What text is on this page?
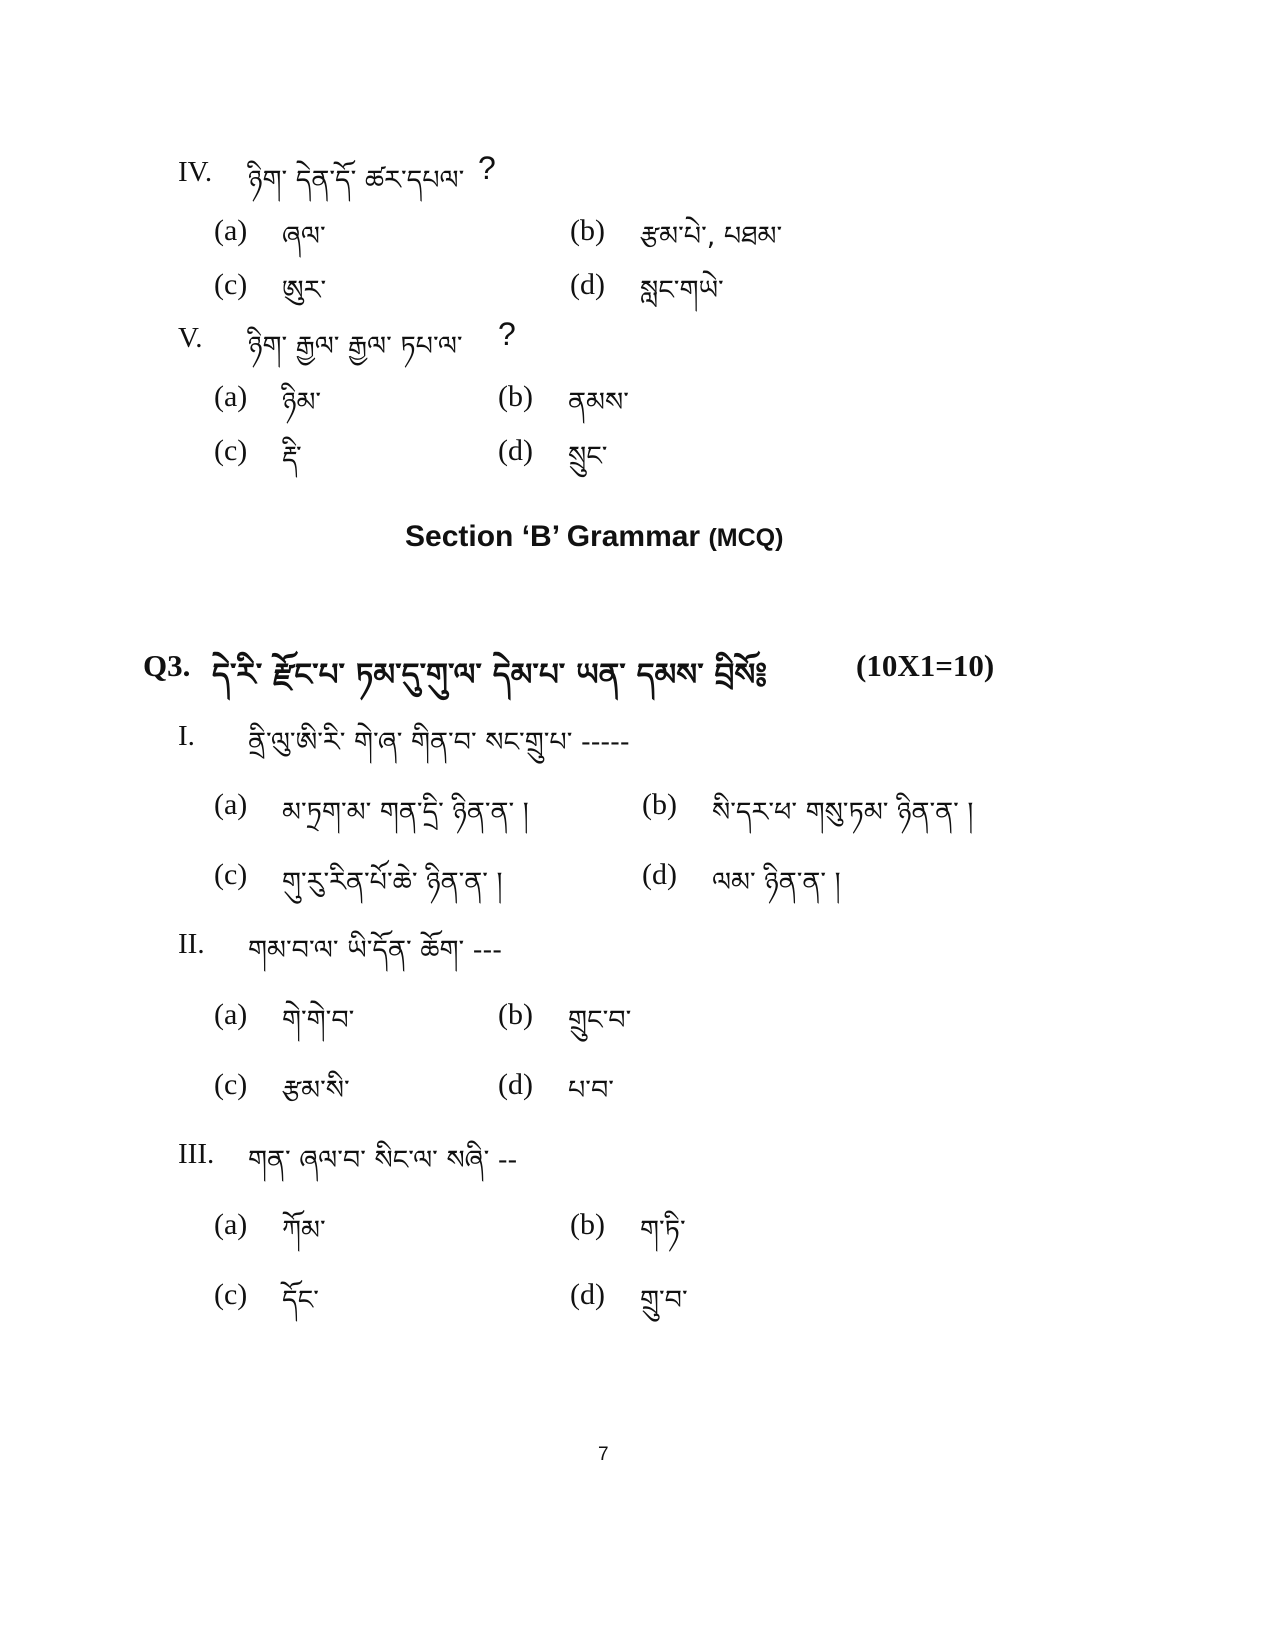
IV. ཉིག་ དེན་དོ་ ཚར་དཔལ་ ?
(a) ཞལ་	(b) རྩམ་པེ་, པཐམ་
(c) ཨུར་	(d) སླང་གཡེ་
V. ཉིག་ རྒྱལ་ རྒྱལ་ ཏཔ་ལ་ ?
(a) ཉིམ་	(b) ནམས་
(c) རྡི་	(d) སྲུང་
Section ‘B’ Grammar (MCQ)
Q3. དེ་རི་ རྫོང་པ་ ཏམ་དུ་གུ་ལ་ དེམ་པ་ ཡན་ དམས་ བྲིསོ༔	(10X1=10)
I. ནྲི་ལུ་ཨི་རི་ གེ་ཞ་ གིན་བ་ སང་གྲུ་པ་ -----
(a) མ་ཏྲག་མ་ གན་དྲི་ ཉིན་ན་ །	(b) སི་དར་ཕ་ གསུ་ཏམ་ ཉིན་ན་ །
(c) གུ་རུ་རིན་པོ་ཆེ་ ཉིན་ན་ །	(d) ལམ་ ཉིན་ན་ །
II. གམ་བ་ལ་ ཡི་དོན་ ཆོག་ ---
(a) གེ་གེ་བ་	(b) གྲུང་བ་
(c) རྩམ་སི་	(d) པ་བ་
III. གན་ ཞལ་བ་ སིང་ལ་ སཞི་ --
(a) ཀོམ་	(b) ག་ཏི་
(c) དོང་	(d) གྲུ་བ་
7
